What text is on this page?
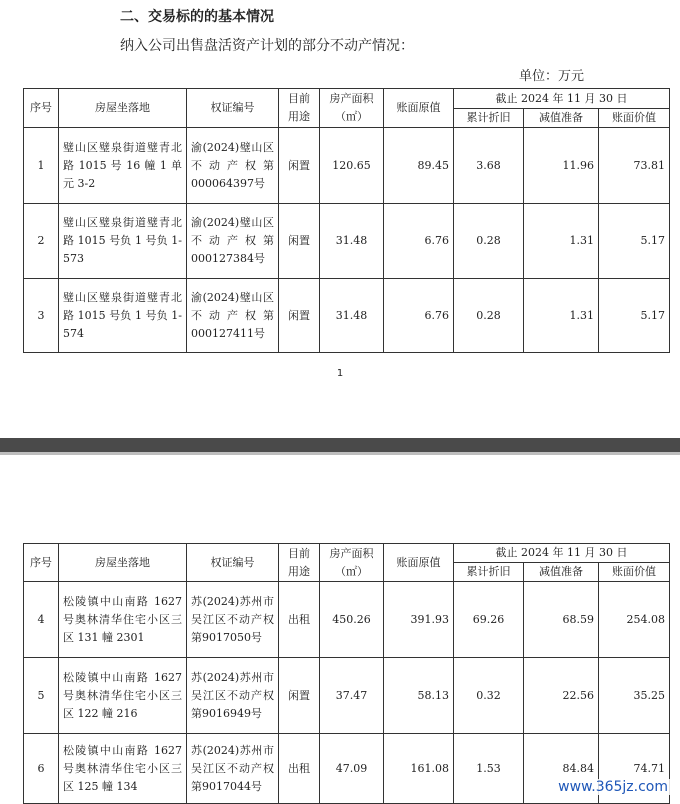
二、交易标的的基本情况
纳入公司出售盘活资产计划的部分不动产情况：
单位：万元
序号	房屋坐落地	权证编号	目前用途	房产面积（㎡）	账面原值	截止 2024 年 11 月 30 日		
						累计折旧	减值准备	账面价值
1	璧山区璧泉街道璧青北路 1015 号 16 幢 1 单元 3-2	渝(2024)璧山区不动产权第000064397号	闲置	120.65	89.45	3.68	11.96	73.81
2	璧山区璧泉街道璧青北路 1015 号负 1 号负 1-573	渝(2024)璧山区不动产权第000127384号	闲置	31.48	6.76	0.28	1.31	5.17
3	璧山区璧泉街道璧青北路 1015 号负 1 号负 1-574	渝(2024)璧山区不动产权第000127411号	闲置	31.48	6.76	0.28	1.31	5.17
1
序号	房屋坐落地	权证编号	目前用途	房产面积（㎡）	账面原值	截止 2024 年 11 月 30 日		
						累计折旧	减值准备	账面价值
4	松陵镇中山南路 1627 号奥林清华住宅小区三区 131 幢 2301	苏(2024)苏州市吴江区不动产权第9017050号	出租	450.26	391.93	69.26	68.59	254.08
5	松陵镇中山南路 1627 号奥林清华住宅小区三区 122 幢 216	苏(2024)苏州市吴江区不动产权第9016949号	闲置	37.47	58.13	0.32	22.56	35.25
6	松陵镇中山南路 1627 号奥林清华住宅小区三区 125 幢 134	苏(2024)苏州市吴江区不动产权第9017044号	出租	47.09	161.08	1.53	84.84	74.71
www.365jz.com
